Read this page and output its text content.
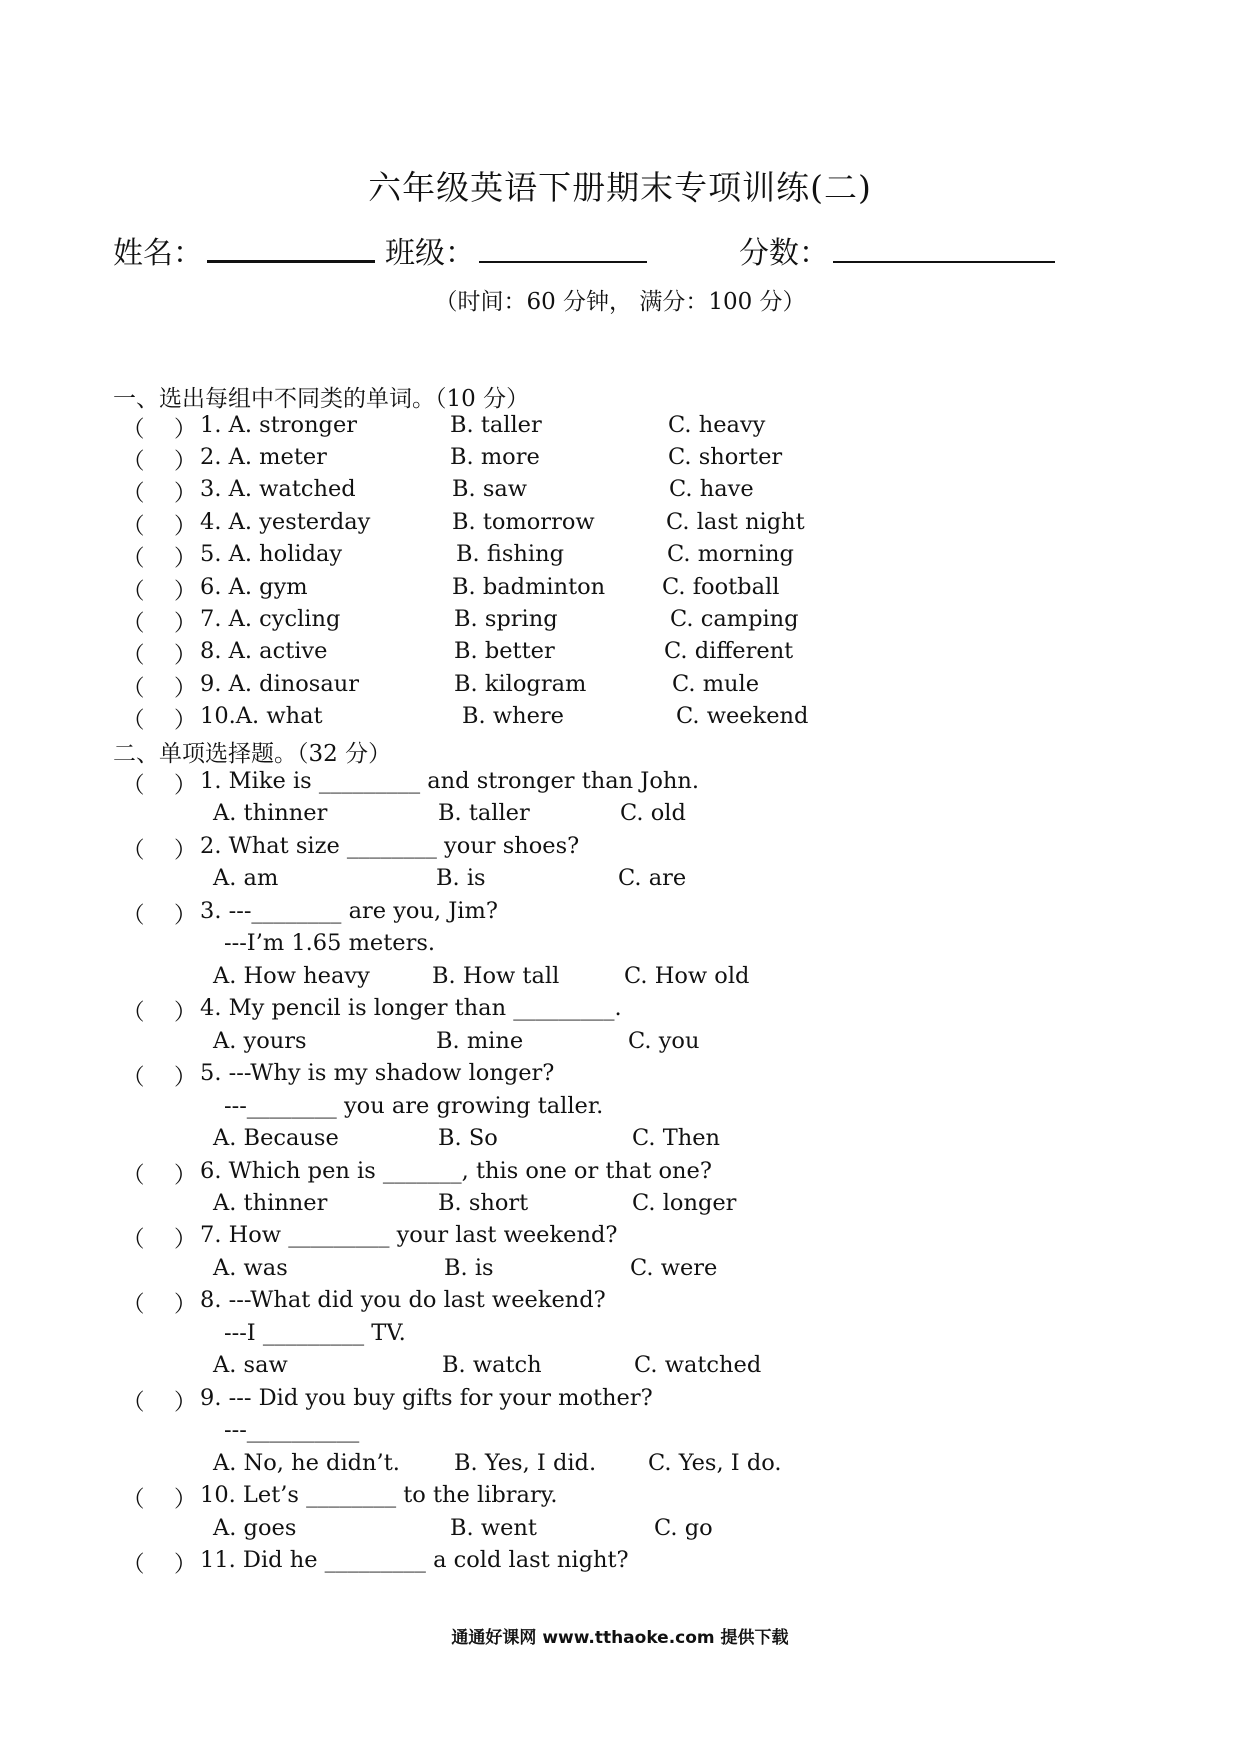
六年级英语下册期末专项训练(二)
姓名：	班级：	分数：
（时间：60 分钟， 满分：100 分）
一、选出每组中不同类的单词。（10 分）
（ ） 1. A. stronger	B. taller	C. heavy
（ ） 2. A. meter	B. more	C. shorter
（ ） 3. A. watched	B. saw	C. have
（ ） 4. A. yesterday	B. tomorrow	C. last night
（ ） 5. A. holiday	B. fishing	C. morning
（ ） 6. A. gym	B. badminton	C. football
（ ） 7. A. cycling	B. spring	C. camping
（ ） 8. A. active	B. better	C. different
（ ） 9. A. dinosaur	B. kilogram	C. mule
（ ） 10.A. what	B. where	C. weekend
二、单项选择题。（32 分）
（ ） 1. Mike is _________ and stronger than John.
A. thinner	B. taller	C. old
（ ） 2. What size ________ your shoes?
A. am	B. is	C. are
（ ） 3. ---________ are you, Jim?
---I’m 1.65 meters.
A. How heavy	B. How tall	C. How old
（ ） 4. My pencil is longer than _________.
A. yours	B. mine	C. you
（ ） 5. ---Why is my shadow longer?
---________ you are growing taller.
A. Because	B. So	C. Then
（ ） 6. Which pen is _______, this one or that one?
A. thinner	B. short	C. longer
（ ） 7. How _________ your last weekend?
A. was	B. is	C. were
（ ） 8. ---What did you do last weekend?
---I _________ TV.
A. saw	B. watch	C. watched
（ ） 9. --- Did you buy gifts for your mother?
---__________
A. No, he didn’t. B. Yes, I did. C. Yes, I do.
（ ） 10. Let’s ________ to the library.
A. goes	B. went	C. go
（ ） 11. Did he _________ a cold last night?
通通好课网 www.tthaoke.com 提供下载
